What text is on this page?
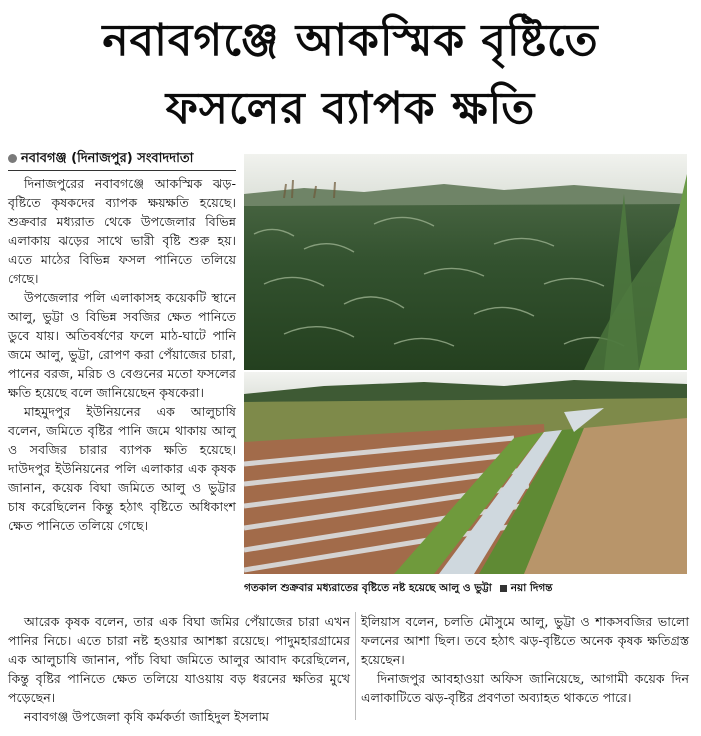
নবাবগঞ্জে আকস্মিক বৃষ্টিতে
ফসলের ব্যাপক ক্ষতি
নবাবগঞ্জ (দিনাজপুর) সংবাদদাতা

দিনাজপুরের নবাবগঞ্জে আকস্মিক ঝড়-বৃষ্টিতে কৃষকদের ব্যাপক ক্ষয়ক্ষতি হয়েছে। শুক্রবার মধ্যরাত থেকে উপজেলার বিভিন্ন এলাকায় ঝড়ের সাথে ভারী বৃষ্টি শুরু হয়। এতে মাঠের বিভিন্ন ফসল পানিতে তলিয়ে গেছে।

উপজেলার পলি এলাকাসহ কয়েকটি স্থানে আলু, ভুট্টা ও বিভিন্ন সবজির ক্ষেত পানিতে ডুবে যায়। অতিবর্ষণের ফলে মাঠ-ঘাটে পানি জমে আলু, ভুট্টা, রোপণ করা পেঁয়াজের চারা, পানের বরজ, মরিচ ও বেগুনের মতো ফসলের ক্ষতি হয়েছে বলে জানিয়েছেন কৃষকেরা।

মাহমুদপুর ইউনিয়নের এক আলুচাষি বলেন, জমিতে বৃষ্টির পানি জমে থাকায় আলু ও সবজির চারার ব্যাপক ক্ষতি হয়েছে। দাউদপুর ইউনিয়নের পলি এলাকার এক কৃষক জানান, কয়েক বিঘা জমিতে আলু ও ভুট্টার চাষ করেছিলেন কিন্তু হঠাৎ বৃষ্টিতে অধিকাংশ ক্ষেত পানিতে তলিয়ে গেছে।

গতকাল শুক্রবার মধ্যরাতের বৃষ্টিতে নষ্ট হয়েছে আলু ও ভুট্টা নয়া দিগন্ত

আরেক কৃষক বলেন, তার এক বিঘা জমির পেঁয়াজের চারা এখন পানির নিচে। এতে চারা নষ্ট হওয়ার আশঙ্কা রয়েছে। পাদুমহারগ্রামের এক আলুচাষি জানান, পাঁচ বিঘা জমিতে আলুর আবাদ করেছিলেন, কিন্তু বৃষ্টির পানিতে ক্ষেত তলিয়ে যাওয়ায় বড় ধরনের ক্ষতির মুখে পড়েছেন।

নবাবগঞ্জ উপজেলা কৃষি কর্মকর্তা জাহিদুল ইসলাম

ইলিয়াস বলেন, চলতি মৌসুমে আলু, ভুট্টা ও শাকসবজির ভালো ফলনের আশা ছিল। তবে হঠাৎ ঝড়-বৃষ্টিতে অনেক কৃষক ক্ষতিগ্রস্ত হয়েছেন।

দিনাজপুর আবহাওয়া অফিস জানিয়েছে, আগামী কয়েক দিন এলাকাটিতে ঝড়-বৃষ্টির প্রবণতা অব্যাহত থাকতে পারে।
